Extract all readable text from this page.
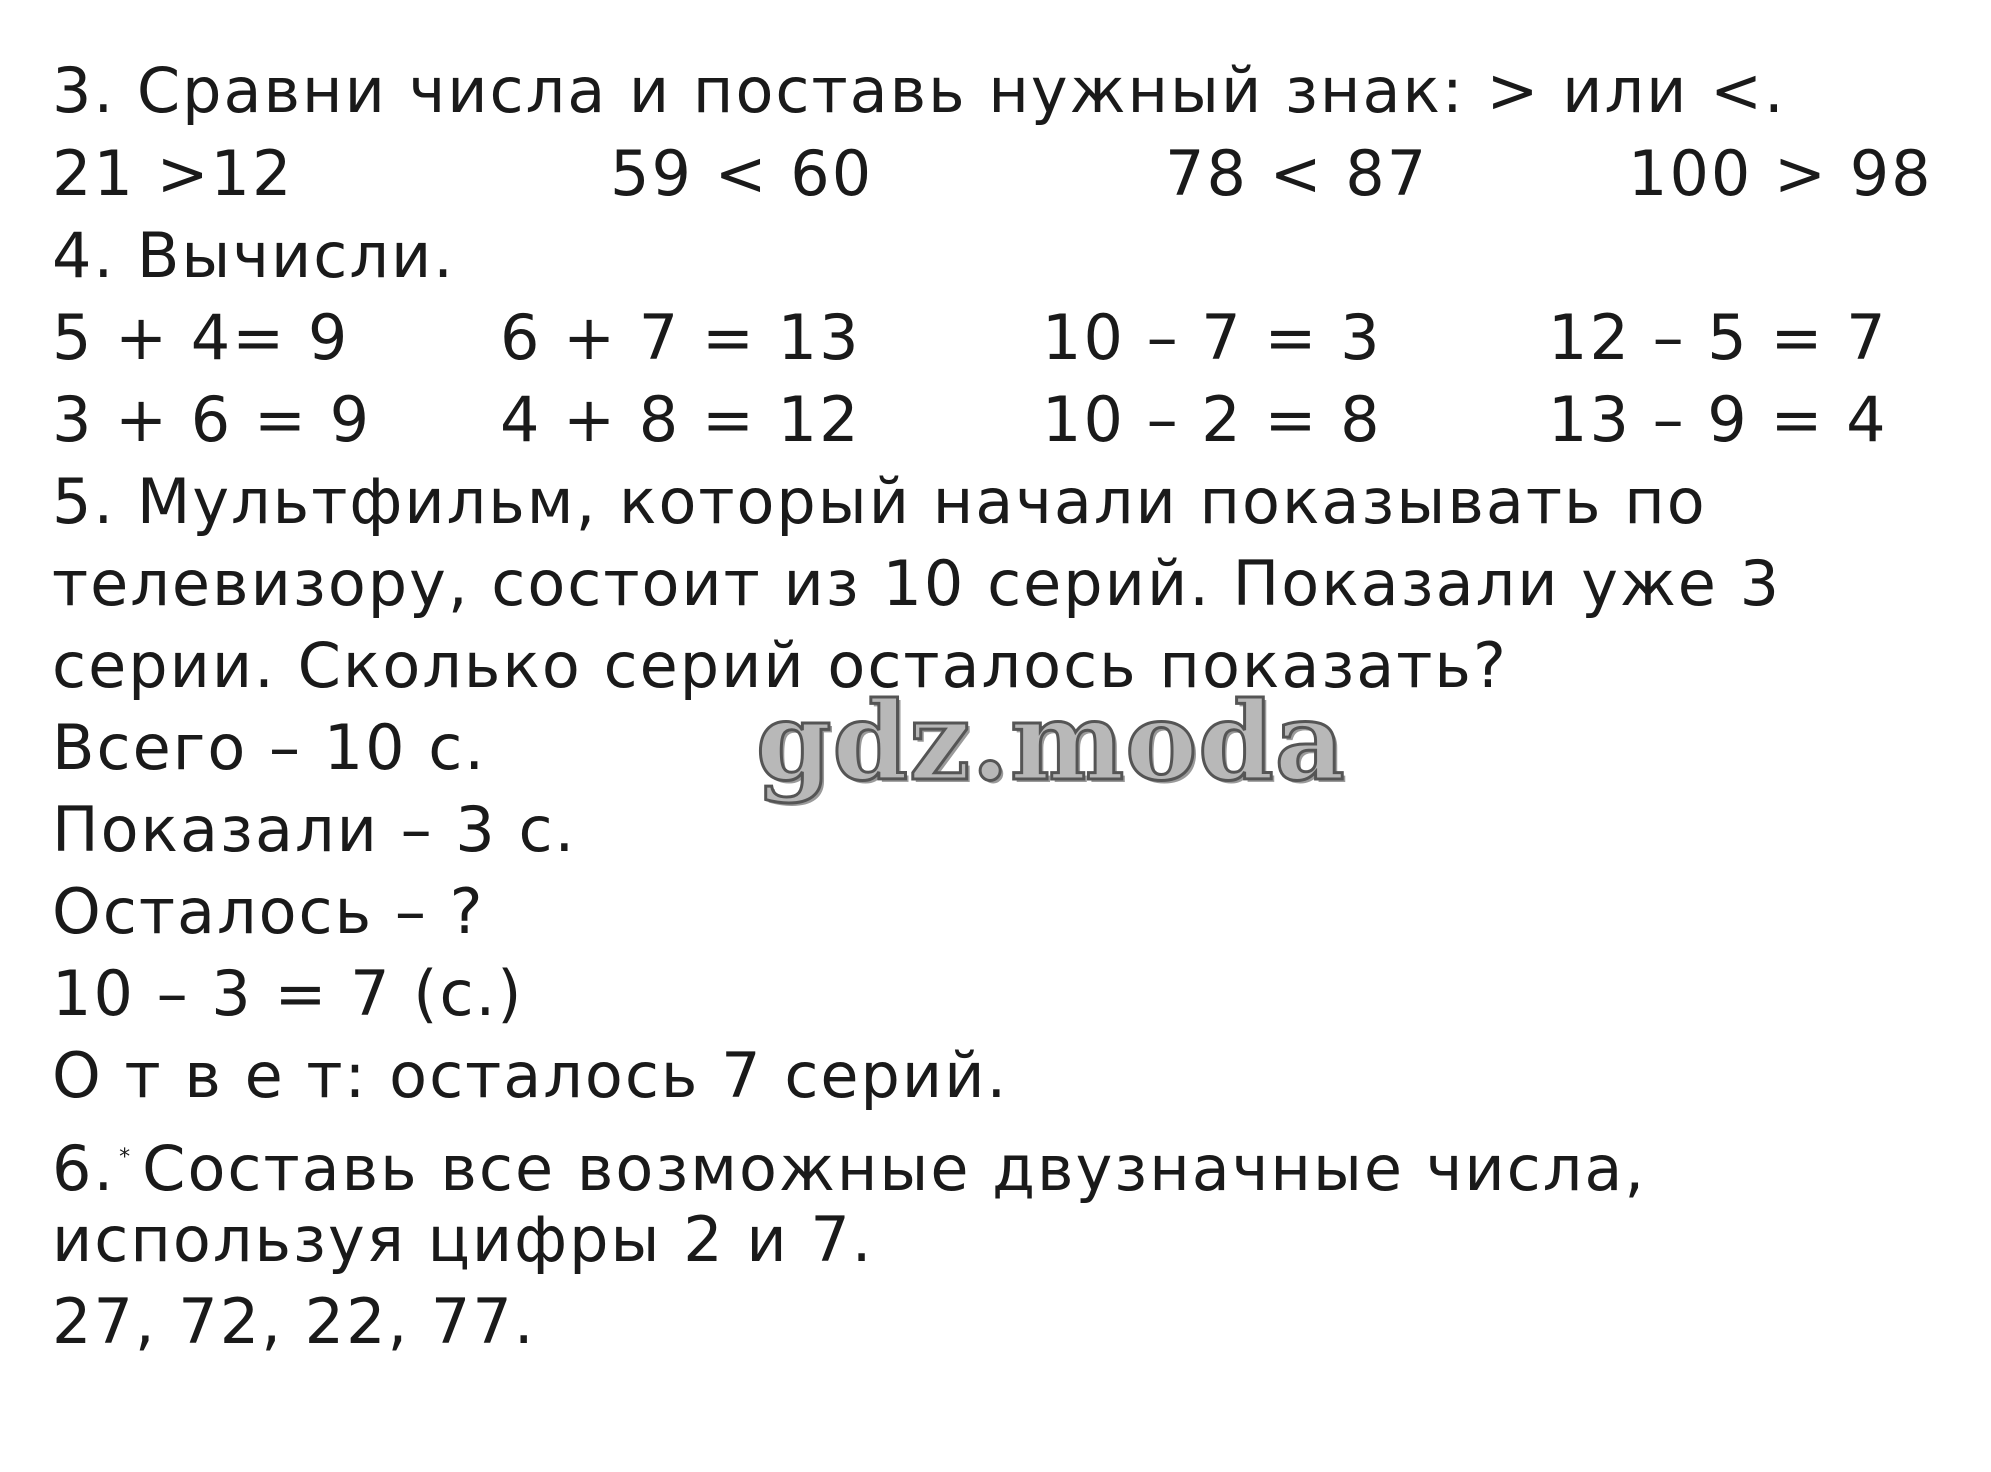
3. Сравни числа и поставь нужный знак: > или <.
21 >12	59 < 60	78 < 87	100 > 98
4. Вычисли.
5 + 4= 9 6 + 7 = 13	10 – 7 = 3	12 – 5 = 7
3 + 6 = 9 4 + 8 = 12	10 – 2 = 8	13 – 9 = 4
5. Мультфильм, который начали показывать по
телевизору, состоит из 10 серий. Показали уже 3
серии. Сколько серий осталось показать?
Всего – 10 с.
Показали – 3 с.
Осталось – ?
10 – 3 = 7 (с.)
О т в е т: осталось 7 серий.
6. * Составь все возможные двузначные числа,
используя цифры 2 и 7.
27, 72, 22, 77.
gdz.moda
